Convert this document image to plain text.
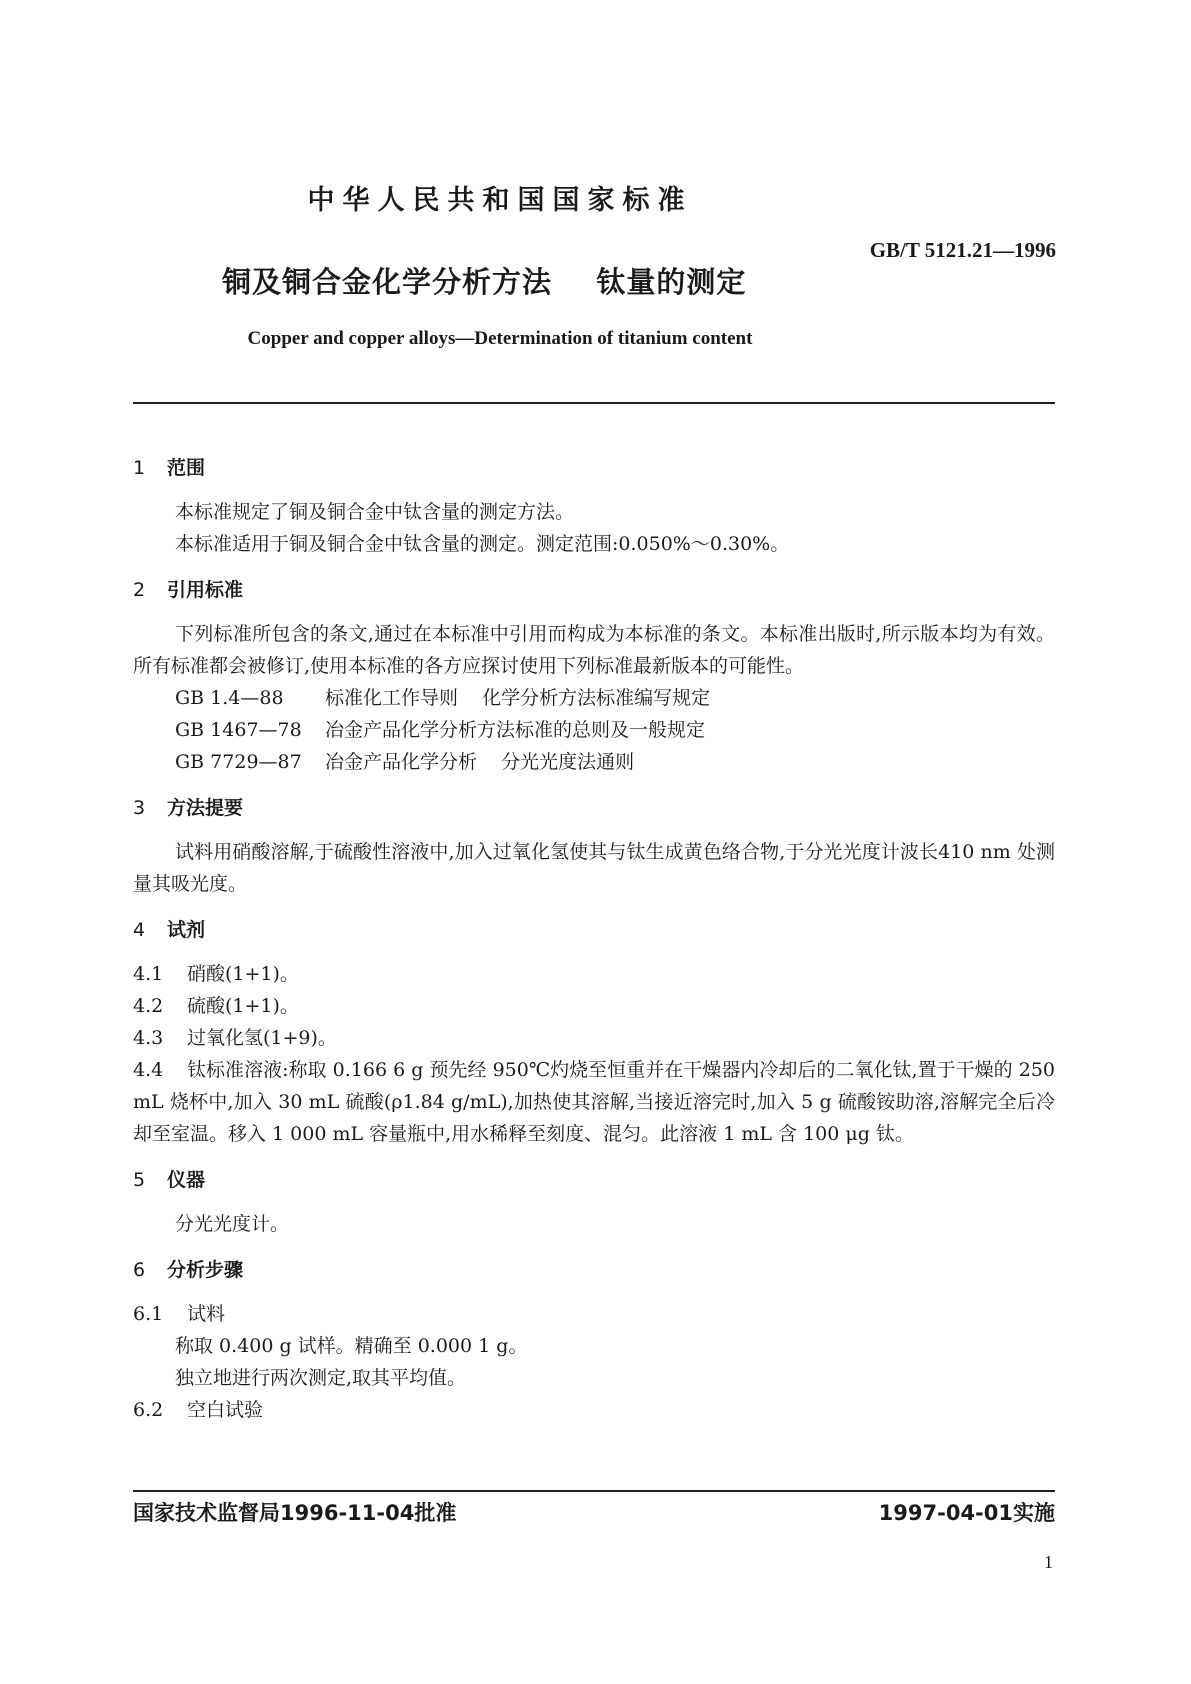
中华人民共和国国家标准
GB/T 5121.21—1996
铜及铜合金化学分析方法    钛量的测定
Copper and copper alloys—Determination of titanium content
1	范围
本标准规定了铜及铜合金中钛含量的测定方法。
本标准适用于铜及铜合金中钛含量的测定。测定范围:0.050%～0.30%。
2	引用标准
下列标准所包含的条文,通过在本标准中引用而构成为本标准的条文。本标准出版时,所示版本均为有效。所有标准都会被修订,使用本标准的各方应探讨使用下列标准最新版本的可能性。
GB 1.4—88 标准化工作导则    化学分析方法标准编写规定
GB 1467—78 冶金产品化学分析方法标准的总则及一般规定
GB 7729—87 冶金产品化学分析    分光光度法通则
3	方法提要
试料用硝酸溶解,于硫酸性溶液中,加入过氧化氢使其与钛生成黄色络合物,于分光光度计波长410 nm 处测量其吸光度。
4	试剂
4.1	硝酸(1+1)。
4.2	硫酸(1+1)。
4.3	过氧化氢(1+9)。
4.4 钛标准溶液:称取 0.166 6 g 预先经 950℃灼烧至恒重并在干燥器内冷却后的二氧化钛,置于干燥的 250 mL 烧杯中,加入 30 mL 硫酸(ρ1.84 g/mL),加热使其溶解,当接近溶完时,加入 5 g 硫酸铵助溶,溶解完全后冷却至室温。移入 1 000 mL 容量瓶中,用水稀释至刻度、混匀。此溶液 1 mL 含 100 μg 钛。
5	仪器
分光光度计。
6	分析步骤
6.1	试料
称取 0.400 g 试样。精确至 0.000 1 g。
独立地进行两次测定,取其平均值。
6.2	空白试验
国家技术监督局1996-11-04批准	1997-04-01实施
1
